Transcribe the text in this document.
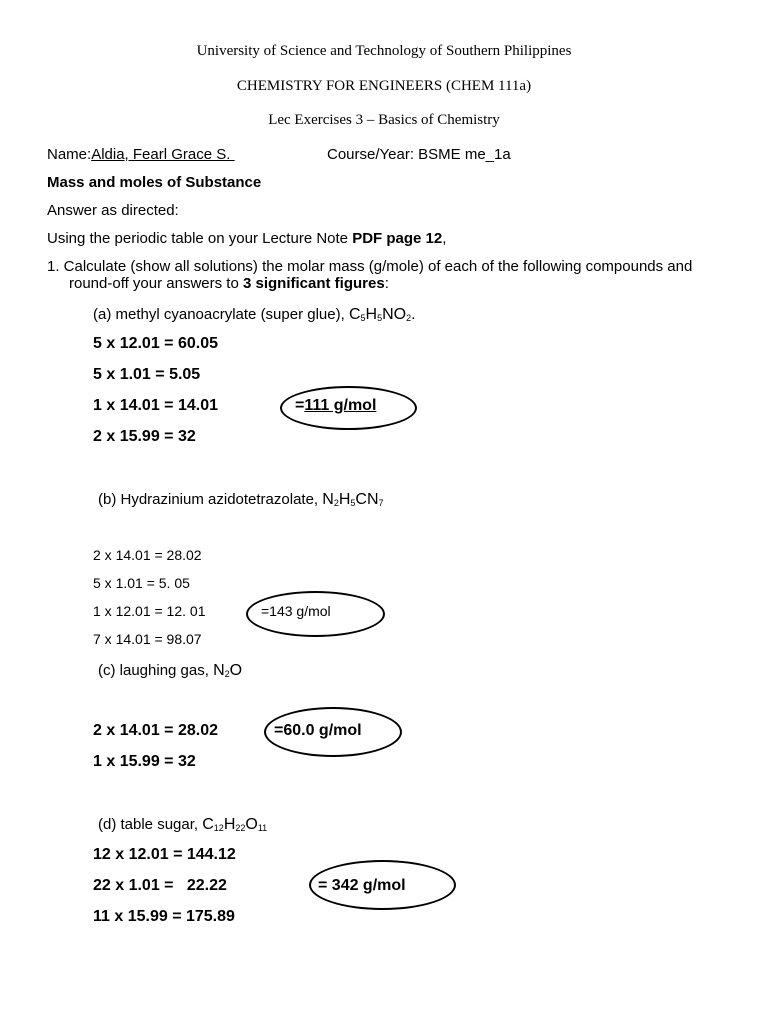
University of Science and Technology of Southern Philippines
CHEMISTRY FOR ENGINEERS (CHEM 111a)
Lec Exercises 3 – Basics of Chemistry
Name:Aldia, Fearl Grace S.	Course/Year: BSME me_1a
Mass and moles of Substance
Answer as directed:
Using the periodic table on your Lecture Note PDF page 12,
1. Calculate (show all solutions) the molar mass (g/mole) of each of the following compounds and
round-off your answers to 3 significant figures:
(a) methyl cyanoacrylate (super glue), $C_5H_5NO_2$.
5 x 12.01 = 60.05
5 x 1.01 = 5.05
1 x 14.01 = 14.01
2 x 15.99 = 32
=111 g/mol
(b) Hydrazinium azidotetrazolate, $N_2H_5CN_7$
2 x 14.01 = 28.02
5 x 1.01 = 5. 05
1 x 12.01 = 12. 01
7 x 14.01 = 98.07
=143 g/mol
(c) laughing gas, $N_2O$
2 x 14.01 = 28.02
1 x 15.99 = 32
=60.0 g/mol
(d) table sugar, $C_{12}H_{22}O_{11}$
12 x 12.01 = 144.12
22 x 1.01 =   22.22
11 x 15.99 = 175.89
= 342 g/mol
